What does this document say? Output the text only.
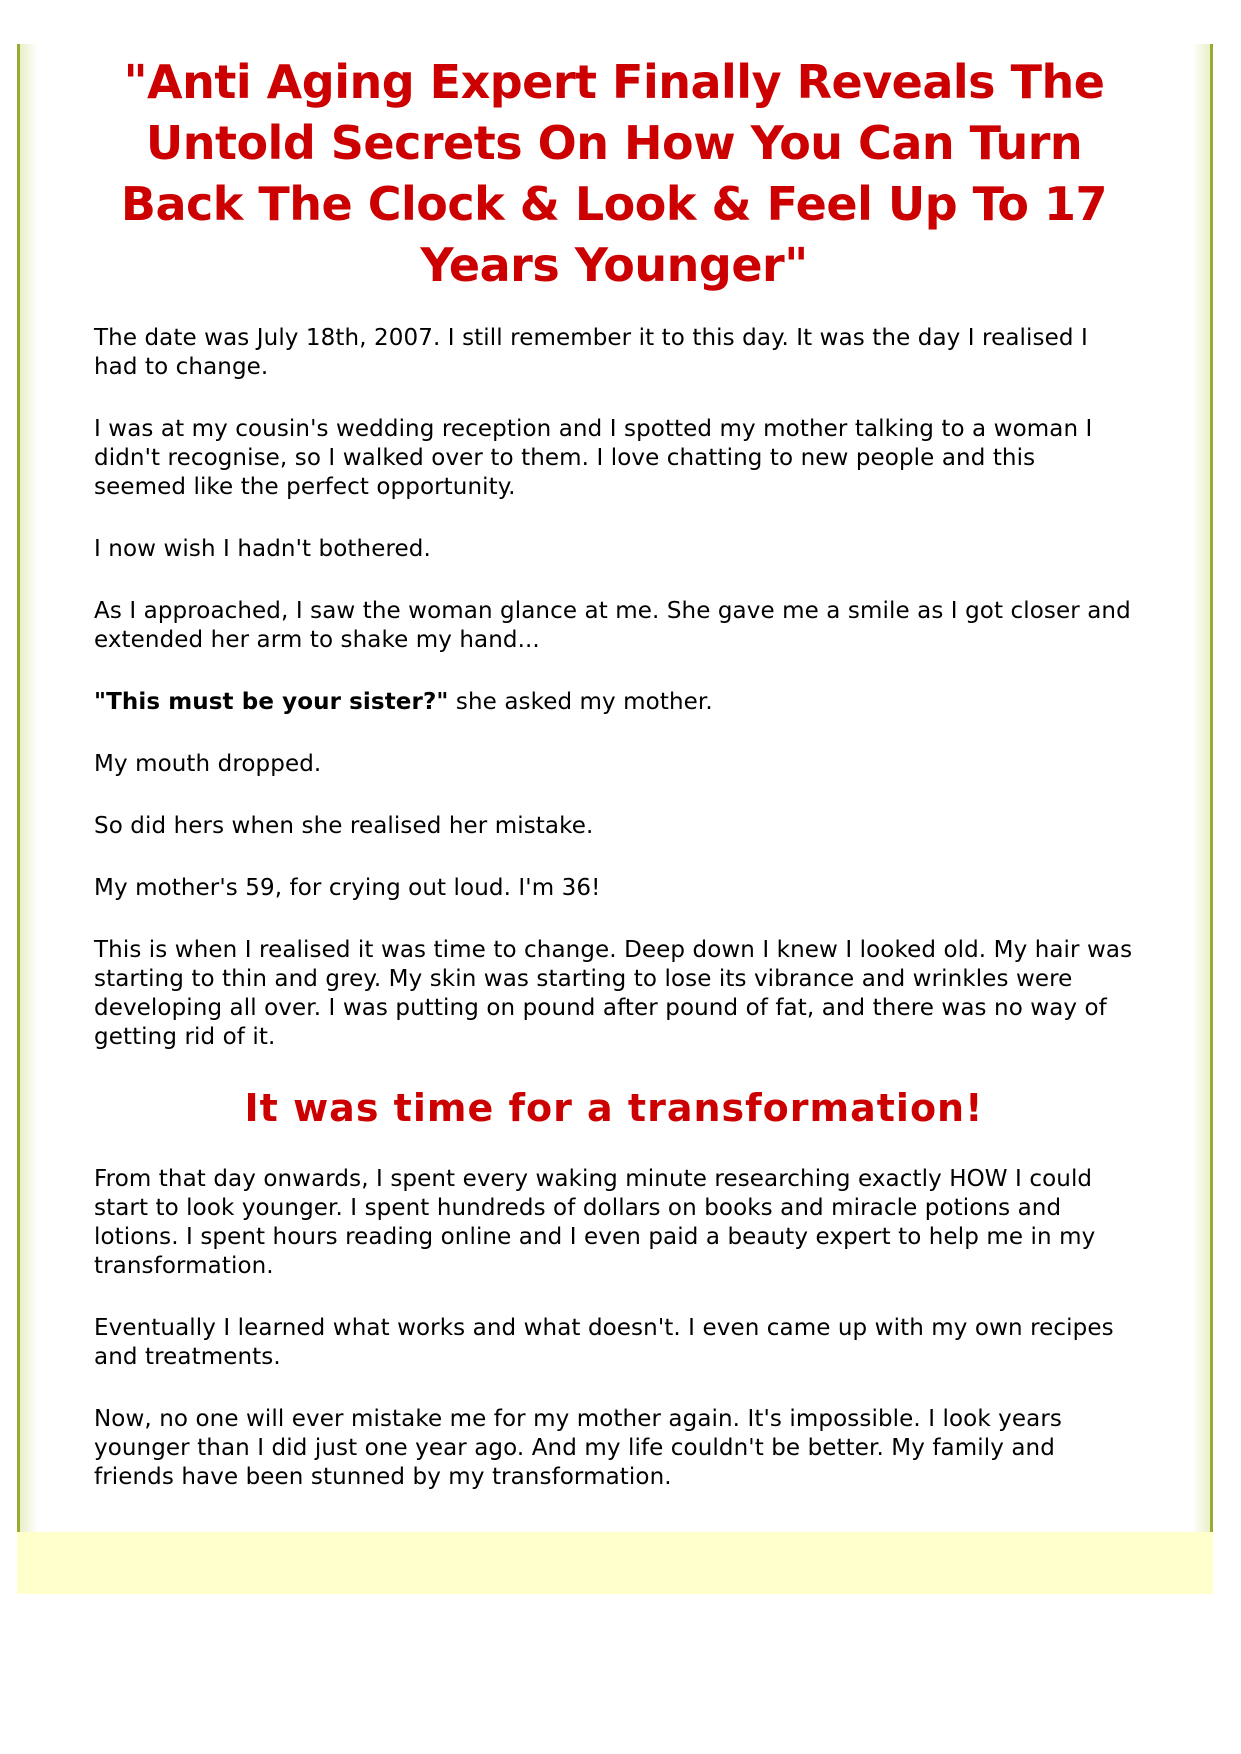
"Anti Aging Expert Finally Reveals The Untold Secrets On How You Can Turn Back The Clock & Look & Feel Up To 17 Years Younger"

The date was July 18th, 2007. I still remember it to this day. It was the day I realised I had to change.

I was at my cousin's wedding reception and I spotted my mother talking to a woman I didn't recognise, so I walked over to them. I love chatting to new people and this seemed like the perfect opportunity.

I now wish I hadn't bothered.

As I approached, I saw the woman glance at me. She gave me a smile as I got closer and extended her arm to shake my hand...

"This must be your sister?" she asked my mother.

My mouth dropped.

So did hers when she realised her mistake.

My mother's 59, for crying out loud. I'm 36!

This is when I realised it was time to change. Deep down I knew I looked old. My hair was starting to thin and grey. My skin was starting to lose its vibrance and wrinkles were developing all over. I was putting on pound after pound of fat, and there was no way of getting rid of it.

It was time for a transformation!

From that day onwards, I spent every waking minute researching exactly HOW I could start to look younger. I spent hundreds of dollars on books and miracle potions and lotions. I spent hours reading online and I even paid a beauty expert to help me in my transformation.

Eventually I learned what works and what doesn't. I even came up with my own recipes and treatments.

Now, no one will ever mistake me for my mother again. It's impossible. I look years younger than I did just one year ago. And my life couldn't be better. My family and friends have been stunned by my transformation.
